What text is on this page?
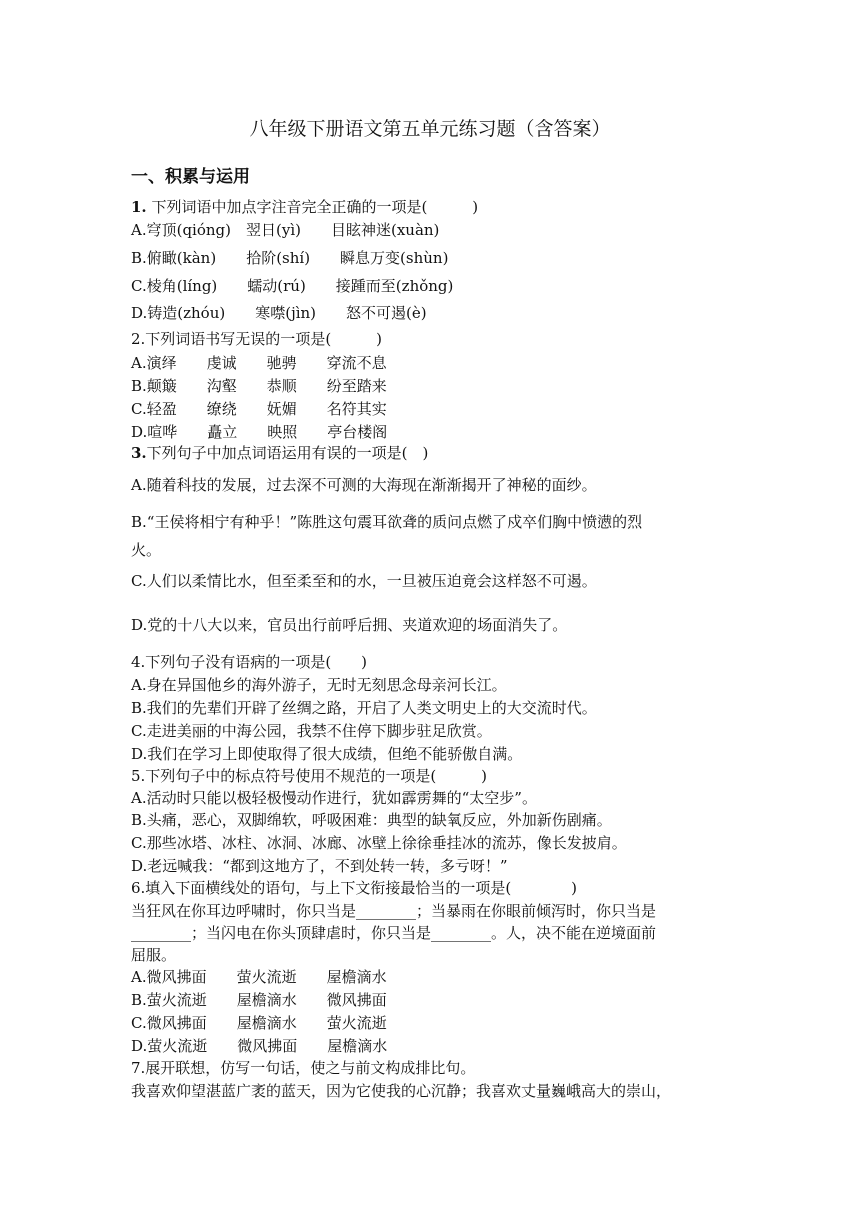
八年级下册语文第五单元练习题（含答案）
一、积累与运用
1. 下列词语中加点字注音完全正确的一项是(　　　)
A.穹顶(qióng)　翌日(yì)　　目眩神迷(xuàn)
B.俯瞰(kàn)　　拾阶(shí)　　瞬息万变(shùn)
C.棱角(líng)　　蠕动(rú)　　接踵而至(zhǒng)
D.铸造(zhóu)　　寒噤(jìn)　　怒不可遏(è)
2.下列词语书写无误的一项是(　　　)
A.演绎　　虔诚　　驰骋　　穿流不息
B.颠簸　　沟壑　　恭顺　　纷至踏来
C.轻盈　　缭绕　　妩媚　　名符其实
D.喧哗　　矗立　　映照　　亭台楼阁
3.下列句子中加点词语运用有误的一项是(　)
A.随着科技的发展，过去深不可测的大海现在渐渐揭开了神秘的面纱。
B.“王侯将相宁有种乎！”陈胜这句震耳欲聋的质问点燃了戍卒们胸中愤懑的烈
火。
C.人们以柔情比水，但至柔至和的水，一旦被压迫竟会这样怒不可遏。
D.党的十八大以来，官员出行前呼后拥、夹道欢迎的场面消失了。
4.下列句子没有语病的一项是(　　)
A.身在异国他乡的海外游子，无时无刻思念母亲河长江。
B.我们的先辈们开辟了丝绸之路，开启了人类文明史上的大交流时代。
C.走进美丽的中海公园，我禁不住停下脚步驻足欣赏。
D.我们在学习上即使取得了很大成绩，但绝不能骄傲自满。
5.下列句子中的标点符号使用不规范的一项是(　　　)
A.活动时只能以极轻极慢动作进行，犹如霹雳舞的“太空步”。
B.头痛，恶心，双脚绵软，呼吸困难：典型的缺氧反应，外加新伤剧痛。
C.那些冰塔、冰柱、冰洞、冰廊、冰壁上徐徐垂挂冰的流苏，像长发披肩。
D.老远喊我：“都到这地方了，不到处转一转，多亏呀！”
6.填入下面横线处的语句，与上下文衔接最恰当的一项是(　　　　)
当狂风在你耳边呼啸时，你只当是________；当暴雨在你眼前倾泻时，你只当是
________；当闪电在你头顶肆虐时，你只当是________。人，决不能在逆境面前
屈服。
A.微风拂面　　萤火流逝　　屋檐滴水
B.萤火流逝　　屋檐滴水　　微风拂面
C.微风拂面　　屋檐滴水　　萤火流逝
D.萤火流逝　　微风拂面　　屋檐滴水
7.展开联想，仿写一句话，使之与前文构成排比句。
我喜欢仰望湛蓝广袤的蓝天，因为它使我的心沉静；我喜欢丈量巍峨高大的崇山，
